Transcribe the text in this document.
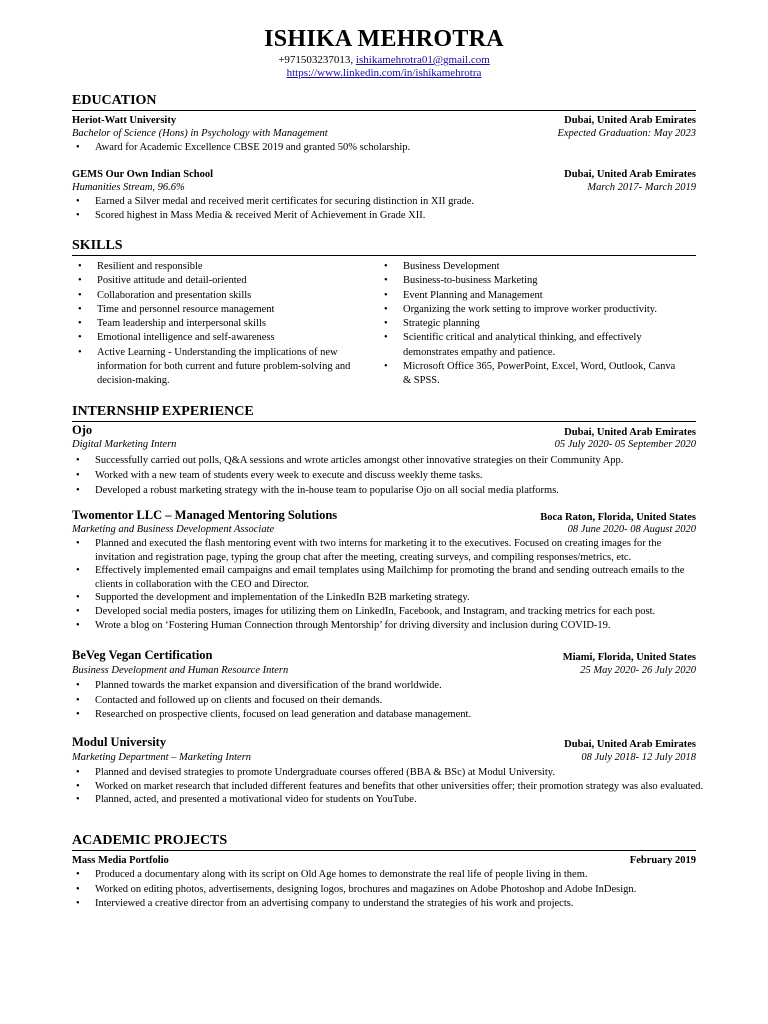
ISHIKA MEHROTRA
+971503237013, ishikamehrotra01@gmail.com
https://www.linkedin.com/in/ishikamehrotra
EDUCATION
Heriot-Watt University	Dubai, United Arab Emirates
Bachelor of Science (Hons) in Psychology with Management	Expected Graduation: May 2023
• Award for Academic Excellence CBSE 2019 and granted 50% scholarship.
GEMS Our Own Indian School	Dubai, United Arab Emirates
Humanities Stream, 96.6%	March 2017- March 2019
• Earned a Silver medal and received merit certificates for securing distinction in XII grade.
• Scored highest in Mass Media & received Merit of Achievement in Grade XII.
SKILLS
• Resilient and responsible
• Positive attitude and detail-oriented
• Collaboration and presentation skills
• Time and personnel resource management
• Team leadership and interpersonal skills
• Emotional intelligence and self-awareness
• Active Learning - Understanding the implications of new information for both current and future problem-solving and decision-making.
• Business Development
• Business-to-business Marketing
• Event Planning and Management
• Organizing the work setting to improve worker productivity.
• Strategic planning
• Scientific critical and analytical thinking, and effectively demonstrates empathy and patience.
• Microsoft Office 365, PowerPoint, Excel, Word, Outlook, Canva & SPSS.
INTERNSHIP EXPERIENCE
Ojo	Dubai, United Arab Emirates
Digital Marketing Intern	05 July 2020- 05 September 2020
• Successfully carried out polls, Q&A sessions and wrote articles amongst other innovative strategies on their Community App.
• Worked with a new team of students every week to execute and discuss weekly theme tasks.
• Developed a robust marketing strategy with the in-house team to popularise Ojo on all social media platforms.
Twomentor LLC – Managed Mentoring Solutions	Boca Raton, Florida, United States
Marketing and Business Development Associate	08 June 2020- 08 August 2020
• Planned and executed the flash mentoring event with two interns for marketing it to the executives. Focused on creating images for the invitation and registration page, typing the group chat after the meeting, creating surveys, and compiling responses/metrics, etc.
• Effectively implemented email campaigns and email templates using Mailchimp for promoting the brand and sending outreach emails to the clients in collaboration with the CEO and Director.
• Supported the development and implementation of the LinkedIn B2B marketing strategy.
• Developed social media posters, images for utilizing them on LinkedIn, Facebook, and Instagram, and tracking metrics for each post.
• Wrote a blog on ‘Fostering Human Connection through Mentorship’ for driving diversity and inclusion during COVID-19.
BeVeg Vegan Certification	Miami, Florida, United States
Business Development and Human Resource Intern	25 May 2020- 26 July 2020
• Planned towards the market expansion and diversification of the brand worldwide.
• Contacted and followed up on clients and focused on their demands.
• Researched on prospective clients, focused on lead generation and database management.
Modul University	Dubai, United Arab Emirates
Marketing Department – Marketing Intern	08 July 2018- 12 July 2018
• Planned and devised strategies to promote Undergraduate courses offered (BBA & BSc) at Modul University.
• Worked on market research that included different features and benefits that other universities offer; their promotion strategy was also evaluated.
• Planned, acted, and presented a motivational video for students on YouTube.
ACADEMIC PROJECTS
Mass Media Portfolio	February 2019
• Produced a documentary along with its script on Old Age homes to demonstrate the real life of people living in them.
• Worked on editing photos, advertisements, designing logos, brochures and magazines on Adobe Photoshop and Adobe InDesign.
• Interviewed a creative director from an advertising company to understand the strategies of his work and projects.
